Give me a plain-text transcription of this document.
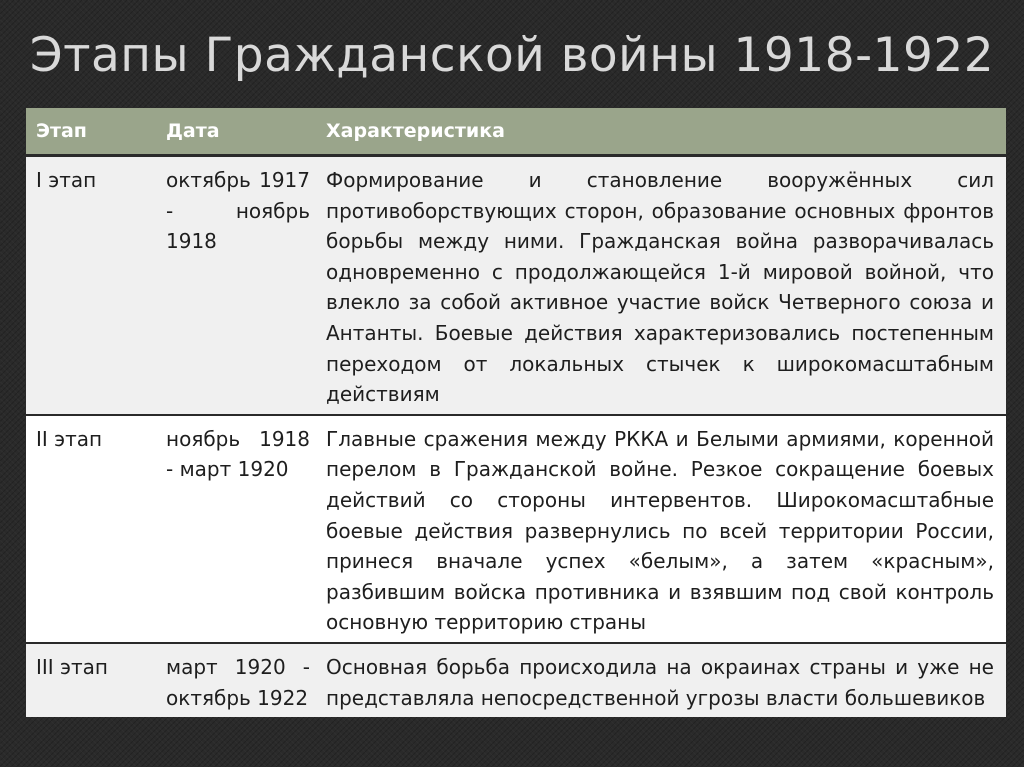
Этапы Гражданской войны 1918-1922
Этап	Дата	Характеристика
I этап	октябрь 1917 - ноябрь 1918	Формирование и становление вооружённых сил противоборствующих сторон, образование основных фронтов борьбы между ними. Гражданская война разворачивалась одновременно с продолжающейся 1-й мировой войной, что влекло за собой активное участие войск Четверного союза и Антанты. Боевые действия характеризовались постепенным переходом от локальных стычек к широкомасштабным действиям
II этап	ноябрь 1918 - март 1920	Главные сражения между РККА и Белыми армиями, коренной перелом в Гражданской войне. Резкое сокращение боевых действий со стороны интервентов. Широкомасштабные боевые действия развернулись по всей территории России, принеся вначале успех «белым», а затем «красным», разбившим войска противника и взявшим под свой контроль основную территорию страны
III этап	март 1920 - октябрь 1922	Основная борьба происходила на окраинах страны и уже не представляла непосредственной угрозы власти большевиков
